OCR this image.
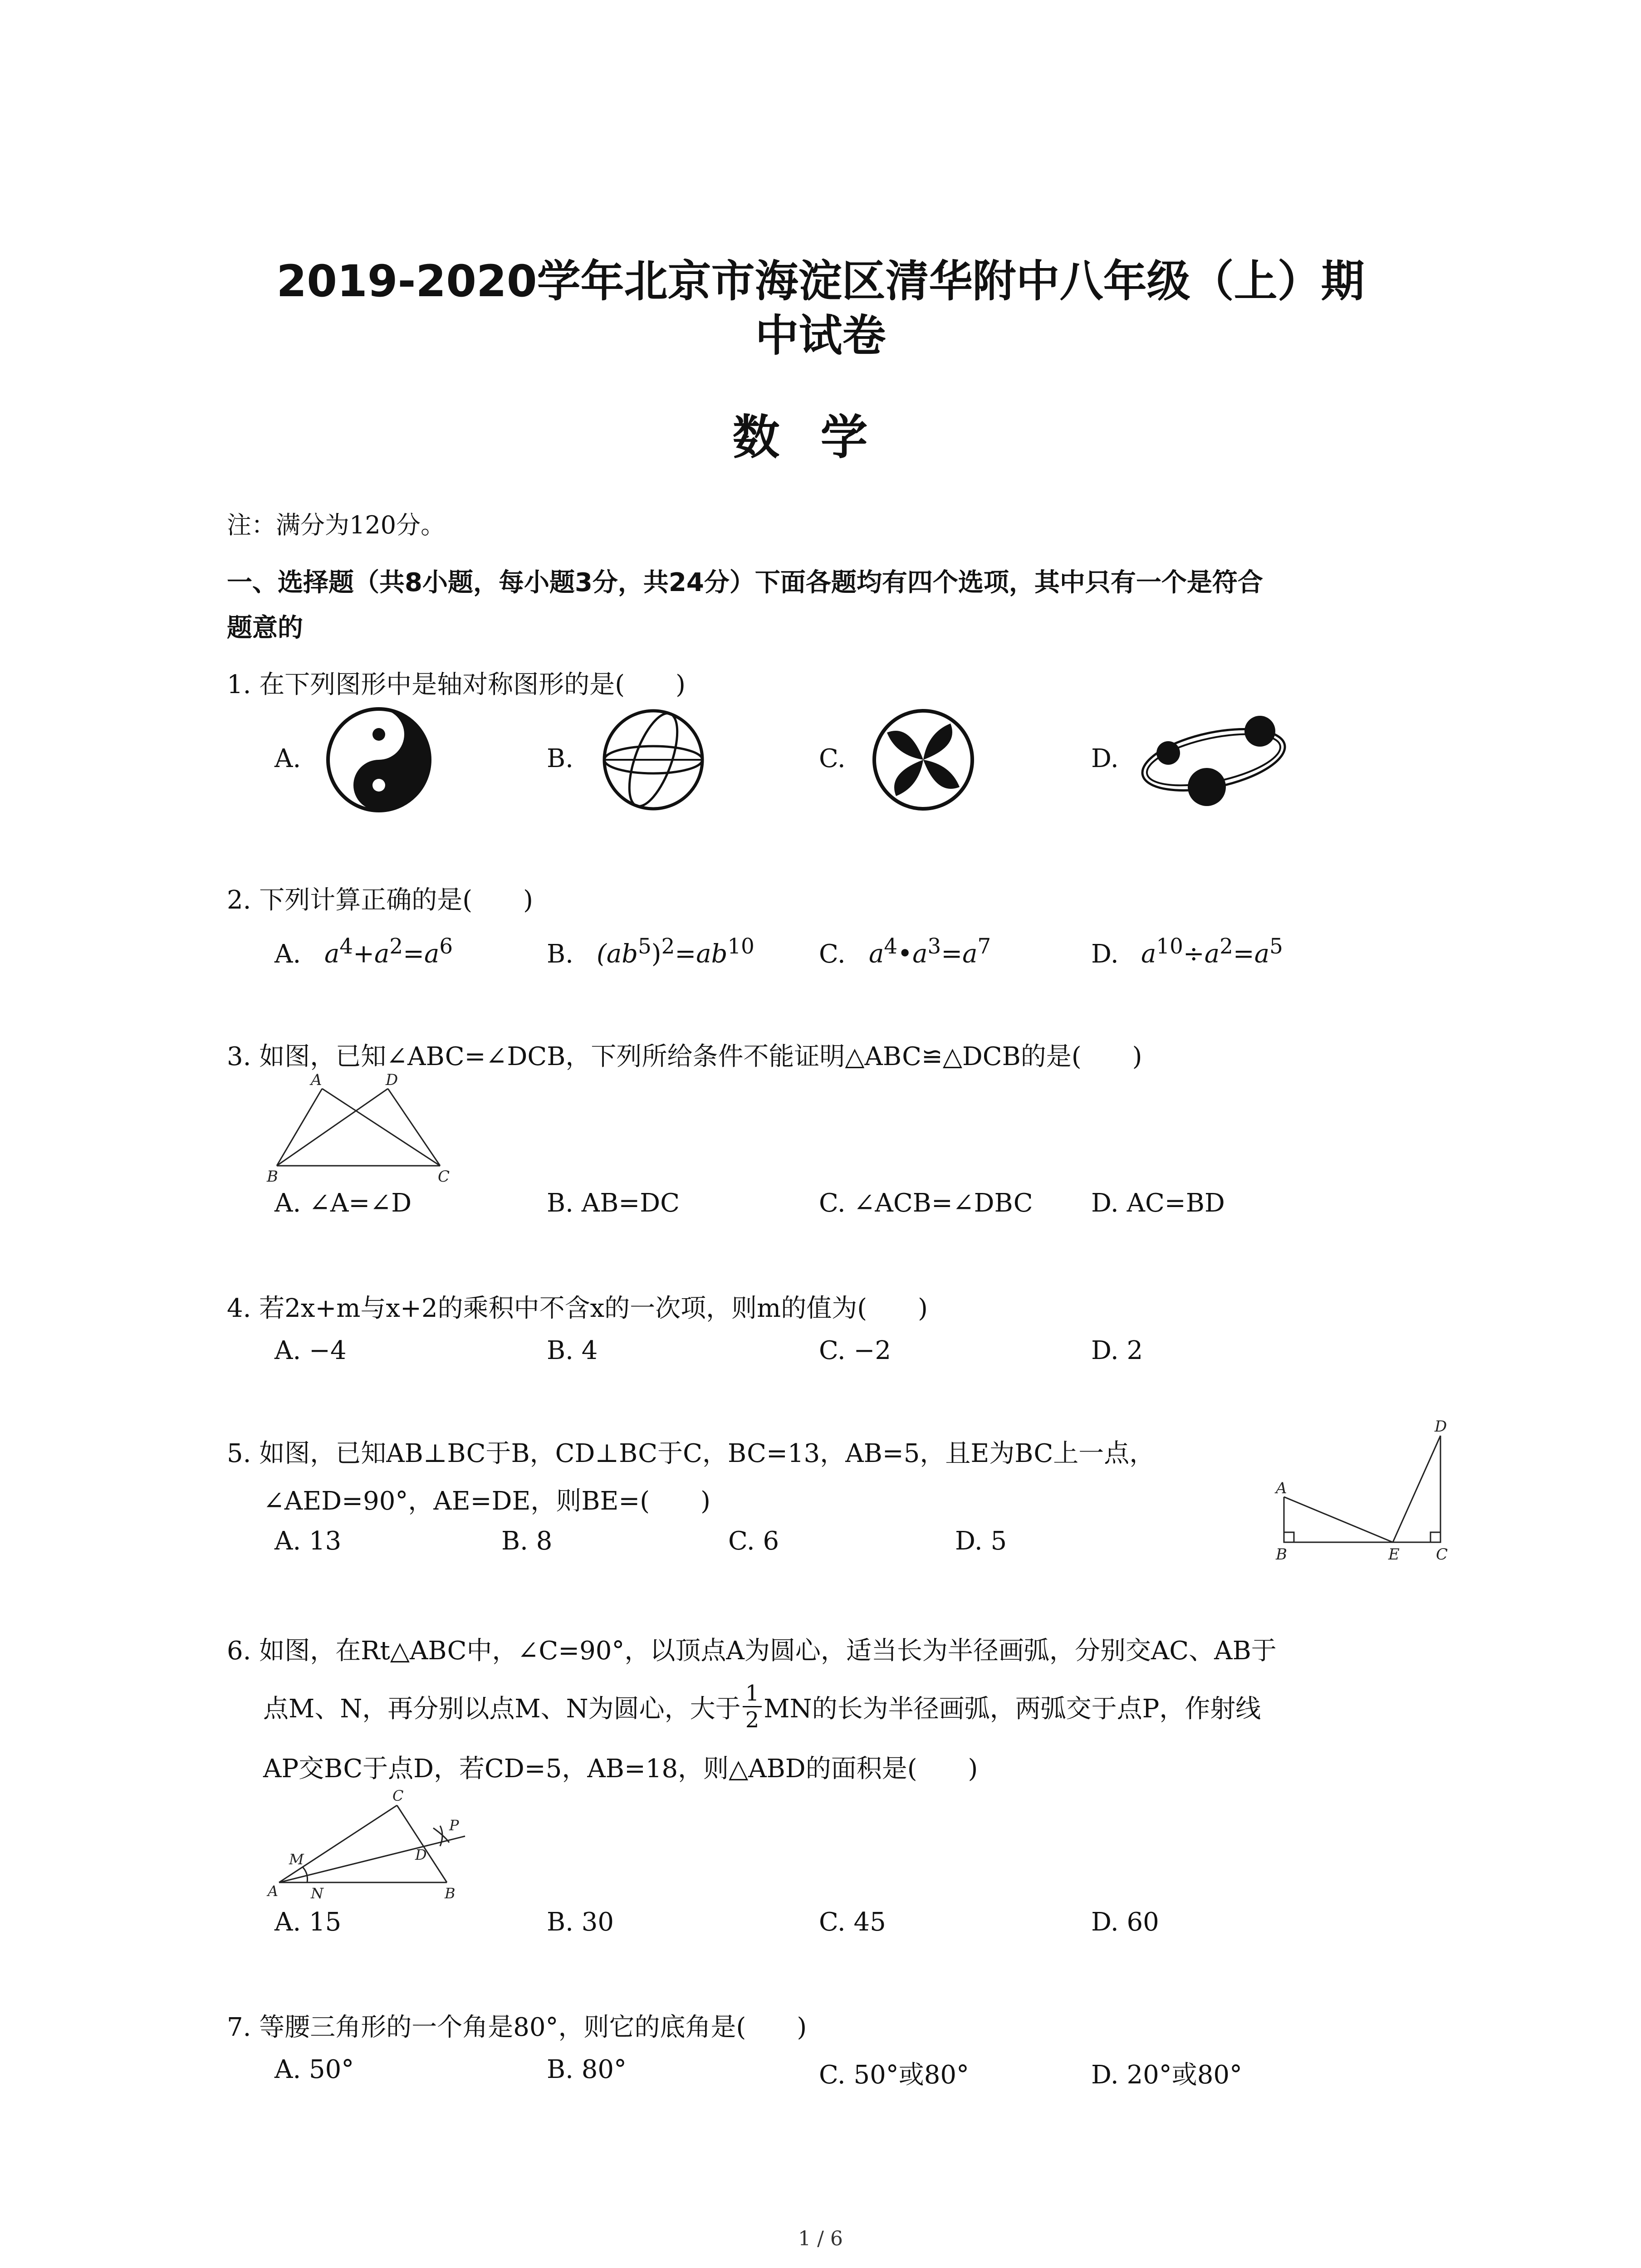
2019-2020学年北京市海淀区清华附中八年级（上）期
中试卷
数学
注：满分为120分。
一、选择题（共8小题，每小题3分，共24分）下面各题均有四个选项，其中只有一个是符合
题意的
1. 在下列图形中是轴对称图形的是(　　)
A.	B.	C.	D.
2. 下列计算正确的是(　　)
A. $a^4+a^2=a^6$	B. $(ab^5)^2=ab^{10}$	C. $a^4•a^3=a^7$	D. $a^{10}\div a^2=a^5$
3. 如图，已知∠ABC=∠DCB，下列所给条件不能证明△ABC≌△DCB的是(　　)
A	D
B	C
A. ∠A=∠D	B. AB=DC	C. ∠ACB=∠DBC D. AC=BD
4. 若2x+m与x+2的乘积中不含x的一次项，则m的值为(　　)
A. −4	B. 4	C. −2	D. 2
5. 如图，已知AB⊥BC于B，CD⊥BC于C，BC=13，AB=5，且E为BC上一点，
∠AED=90°，AE=DE，则BE=(　　)
A. 13	B. 8	C. 6	D. 5
A
B	E C
D
6. 如图，在Rt△ABC中，∠C=90°，以顶点A为圆心，适当长为半径画弧，分别交AC、AB于
点M、N，再分别以点M、N为圆心，大于 $\frac{1}{2}$ MN的长为半径画弧，两弧交于点P，作射线
AP交BC于点D，若CD=5，AB=18，则△ABD的面积是(　　)
A	B
C
D
M
N
P
A. 15	B. 30	C. 45	D. 60
7. 等腰三角形的一个角是80°，则它的底角是(　　)
A. 50°	B. 80°	C. 50°或80°	D. 20°或80°
1 / 6
